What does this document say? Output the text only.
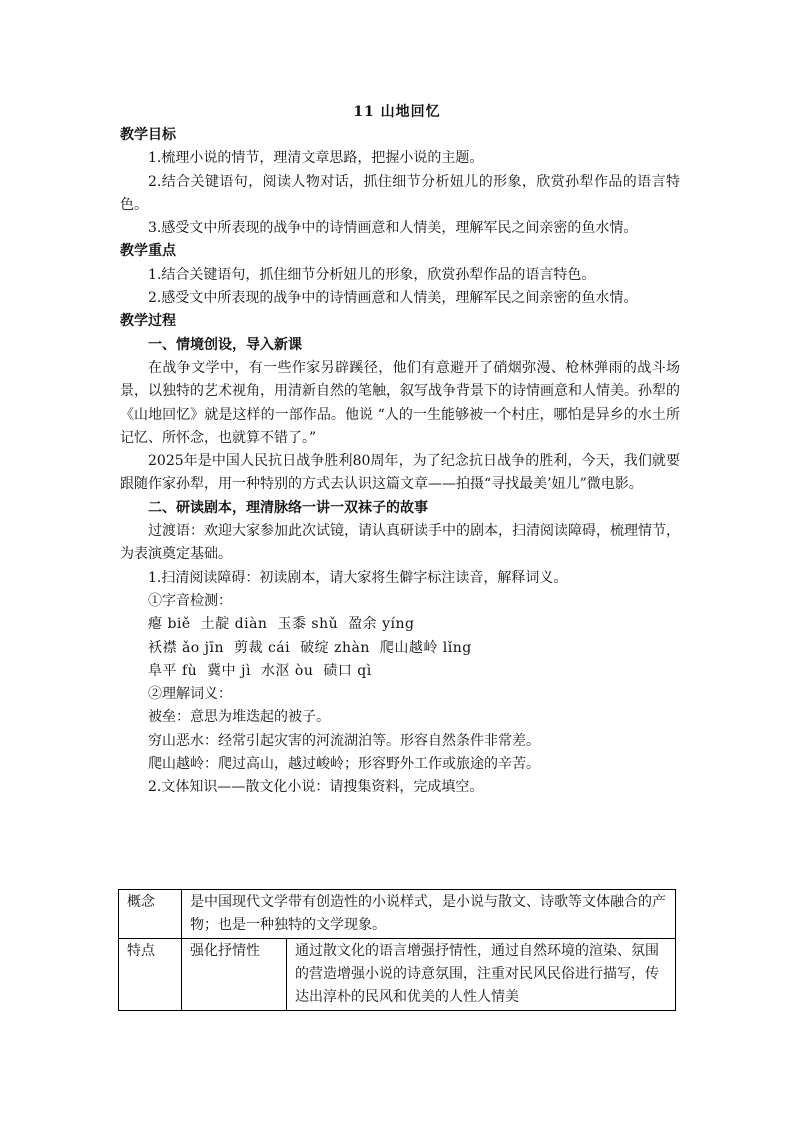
11 山地回忆

教学目标

1.梳理小说的情节，理清文章思路，把握小说的主题。

2.结合关键语句，阅读人物对话，抓住细节分析妞儿的形象，欣赏孙犁作品的语言特色。

3.感受文中所表现的战争中的诗情画意和人情美，理解军民之间亲密的鱼水情。

教学重点

1.结合关键语句，抓住细节分析妞儿的形象，欣赏孙犁作品的语言特色。

2.感受文中所表现的战争中的诗情画意和人情美，理解军民之间亲密的鱼水情。

教学过程

一、情境创设，导入新课

在战争文学中，有一些作家另辟蹊径，他们有意避开了硝烟弥漫、枪林弹雨的战斗场景，以独特的艺术视角，用清新自然的笔触，叙写战争背景下的诗情画意和人情美。孙犁的《山地回忆》就是这样的一部作品。他说 “人的一生能够被一个村庄，哪怕是异乡的水土所记忆、所怀念，也就算不错了。”

2025年是中国人民抗日战争胜利80周年，为了纪念抗日战争的胜利，今天，我们就要跟随作家孙犁，用一种特别的方式去认识这篇文章——拍摄“寻找最美’妞儿”微电影。

二、研读剧本，理清脉络一讲一双袜子的故事

过渡语：欢迎大家参加此次试镜，请认真研读手中的剧本，扫清阅读障碍，梳理情节，为表演奠定基础。

1.扫清阅读障碍：初读剧本，请大家将生僻字标注读音，解释词义。

①字音检测：

瘪 biě 土靛 diàn 玉黍 shǔ 盈余 yíng

袄襟 ǎo jīn 剪裁 cái 破绽 zhàn 爬山越岭 lǐng

阜平 fù 冀中 jì 水沤 òu 碛口 qì

②理解词义：

被垒：意思为堆迭起的被子。

穷山恶水：经常引起灾害的河流湖泊等。形容自然条件非常差。

爬山越岭：爬过高山，越过峻岭；形容野外工作或旅途的辛苦。

2.文体知识——散文化小说：请搜集资料，完成填空。

概念	是中国现代文学带有创造性的小说样式，是小说与散文、诗歌等文体融合的产物；也是一种独特的文学现象。	
特点	强化抒情性	通过散文化的语言增强抒情性，通过自然环境的渲染、氛围的营造增强小说的诗意氛围，注重对民风民俗进行描写，传达出淳朴的民风和优美的人性人情美
